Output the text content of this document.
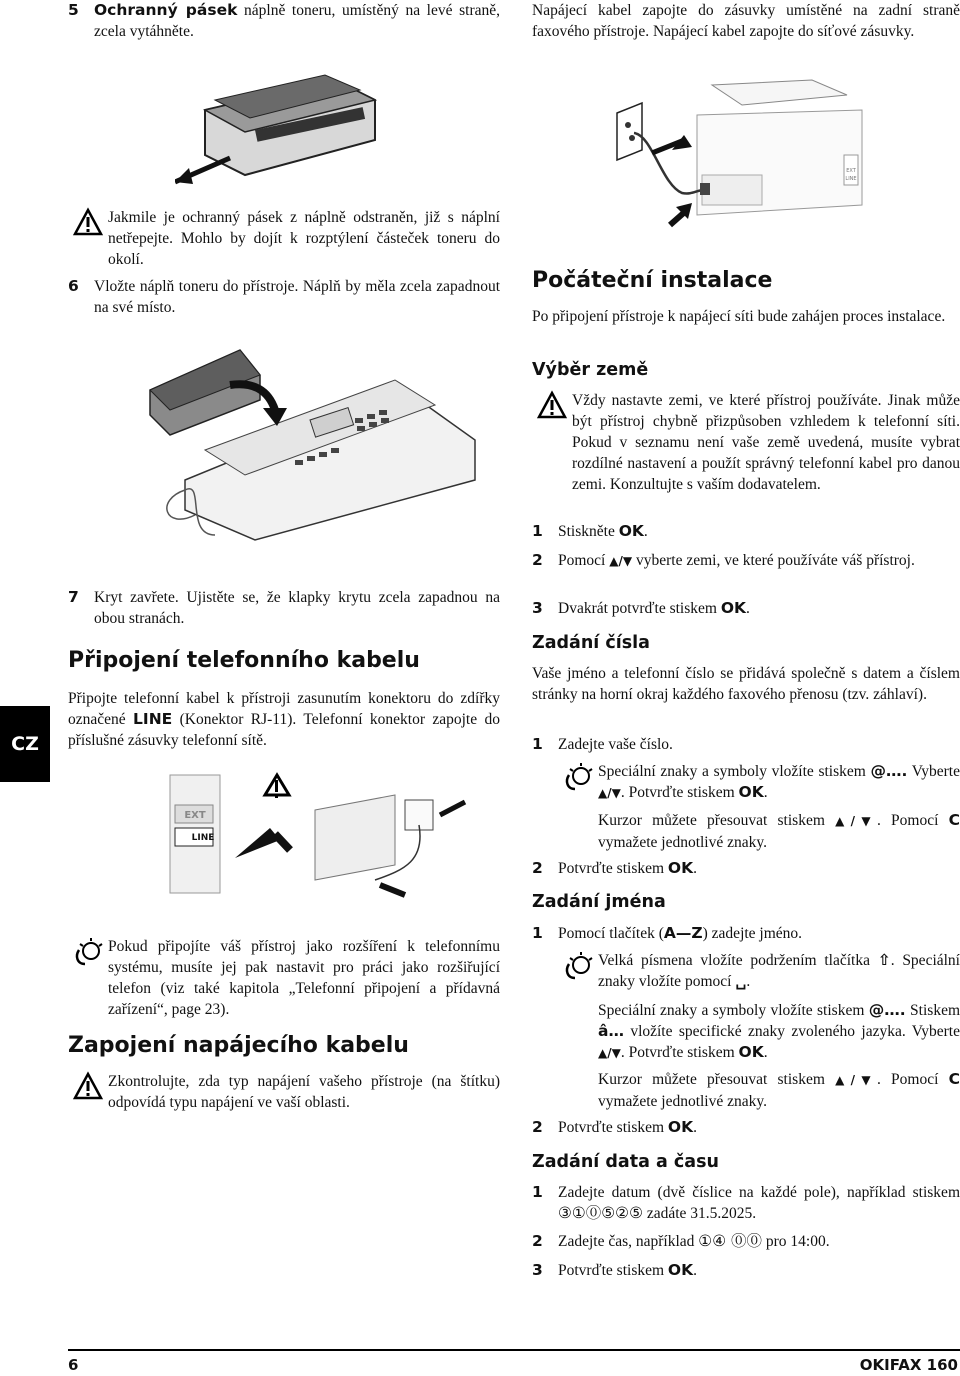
5 Ochranný pásek náplně toneru, umístěný na levé straně, zcela vytáhněte.

Jakmile je ochranný pásek z náplně odstraněn, již s náplní netřepejte. Mohlo by dojít k rozptýlení částeček toneru do okolí.

6 Vložte náplň toneru do přístroje. Náplň by měla zcela zapadnout na své místo.

7 Kryt zavřete. Ujistěte se, že klapky krytu zcela zapadnou na obou stranách.

Připojení telefonního kabelu

Připojte telefonní kabel k přístroji zasunutím konektoru do zdířky označené LINE (Konektor RJ-11). Telefonní konektor zapojte do příslušné zásuvky telefonní sítě.

EXT
LINE

Pokud připojíte váš přístroj jako rozšíření k telefonnímu systému, musíte jej pak nastavit pro práci jako rozšiřující telefon (viz také kapitola „Telefonní připojení a přídavná zařízení“, page 23).

Zapojení napájecího kabelu

Zkontrolujte, zda typ napájení vašeho přístroje (na štítku) odpovídá typu napájení ve vaší oblasti.

Napájecí kabel zapojte do zásuvky umístěné na zadní straně faxového přístroje. Napájecí kabel zapojte do síťové zásuvky.

EXT
LINE
Počáteční instalace

Po připojení přístroje k napájecí síti bude zahájen proces instalace.

Výběr země

Vždy nastavte zemi, ve které přístroj používáte. Jinak může být přístroj chybně přizpůsoben vzhledem k telefonní síti. Pokud v seznamu není vaše země uvedená, musíte vybrat rozdílné nastavení a použít správný telefonní kabel pro danou zemi. Konzultujte s vaším dodavatelem.

1 Stiskněte OK.

2 Pomocí ▲/▼ vyberte zemi, ve které používáte váš přístroj.

3 Dvakrát potvrďte stiskem OK.

Zadání čísla

Vaše jméno a telefonní číslo se přidává společně s datem a číslem stránky na horní okraj každého faxového přenosu (tzv. záhlaví).

1 Zadejte vaše číslo.

Speciální znaky a symboly vložíte stiskem @…. Vyberte ▲/▼. Potvrďte stiskem OK.

Kurzor můžete přesouvat stiskem ▲/▼. Pomocí C vymažete jednotlivé znaky.

2 Potvrďte stiskem OK.

Zadání jména
1 Pomocí tlačítek (A—Z) zadejte jméno.

Velká písmena vložíte podržením tlačítka ⇧. Speciální znaky vložíte pomocí ␣.

Speciální znaky a symboly vložíte stiskem @…. Stiskem â… vložíte specifické znaky zvoleného jazyka. Vyberte ▲/▼. Potvrďte stiskem OK.

Kurzor můžete přesouvat stiskem ▲/▼. Pomocí C vymažete jednotlivé znaky.

2 Potvrďte stiskem OK.

Zadání data a času
1 Zadejte datum (dvě číslice na každé pole), například stiskem ③①⓪⑤②⑤ zadáte 31.5.2025.

2 Zadejte čas, například ①④ ⓪⓪ pro 14:00.

3 Potvrďte stiskem OK.

CZ
6	OKIFAX 160
